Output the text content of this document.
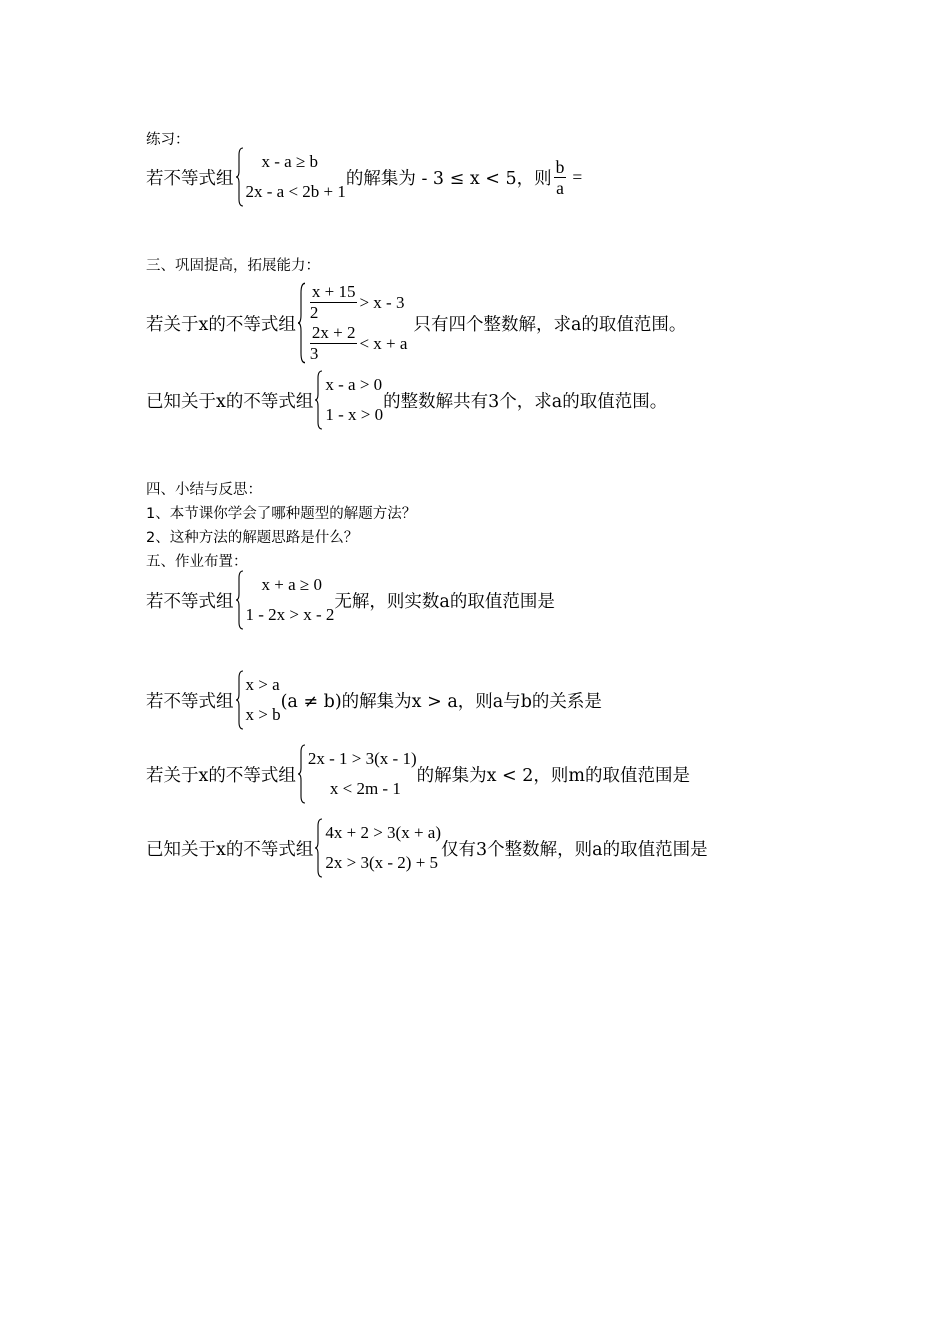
练习：
若不等式组
x - a ≥ b
2x - a < 2b + 1
的解集为 - 3 ≤ x < 5，则 $\frac{b}{a}$ =
三、巩固提高，拓展能力：
若关于x的不等式组
$\frac{x + 15}{2} > x - 3$
$\frac{2x + 2}{3} < x + a$
只有四个整数解，求a的取值范围。
已知关于x的不等式组
x - a > 0
1 - x > 0
的整数解共有3个，求a的取值范围。
四、小结与反思：
1、本节课你学会了哪种题型的解题方法？
2、这种方法的解题思路是什么？
五、作业布置：
若不等式组
x + a ≥ 0
1 - 2x > x - 2
无解，则实数a的取值范围是
若不等式组
x > a
x > b
(a ≠ b)的解集为x > a，则a与b的关系是
若关于x的不等式组
2x - 1 > 3(x - 1)
x < 2m - 1
的解集为x < 2，则m的取值范围是
已知关于x的不等式组
4x + 2 > 3(x + a)
2x > 3(x - 2) + 5
仅有3个整数解，则a的取值范围是
